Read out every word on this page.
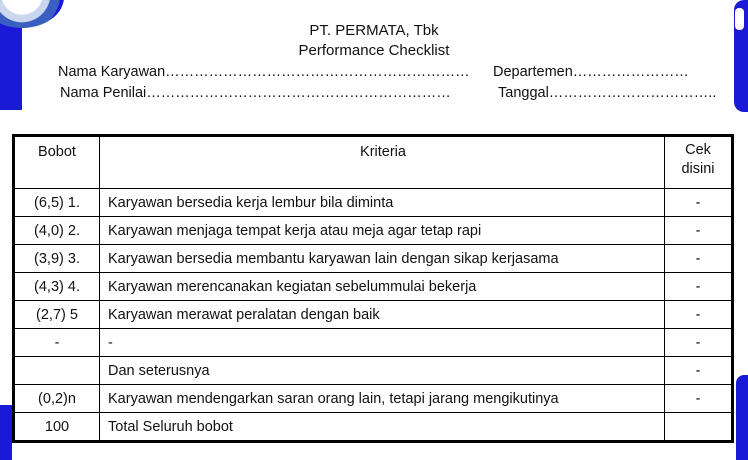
PT. PERMATA, Tbk
Performance Checklist
Nama Karyawan……………………………………………………… Departemen……………………
Nama Penilai………………………………………………………	Tanggal……………………………..
Bobot	Kriteria	Cek
disini

(6,5) 1.	Karyawan bersedia kerja lembur bila diminta	-
(4,0) 2.	Karyawan menjaga tempat kerja atau meja agar tetap rapi	-
(3,9) 3.	Karyawan bersedia membantu karyawan lain dengan sikap kerjasama	-
(4,3) 4.	Karyawan merencanakan kegiatan sebelummulai bekerja	-
(2,7) 5	Karyawan merawat peralatan dengan baik	-
-	-	-
	Dan seterusnya	-
(0,2)n	Karyawan mendengarkan saran orang lain, tetapi jarang mengikutinya	-
100	Total Seluruh bobot	
